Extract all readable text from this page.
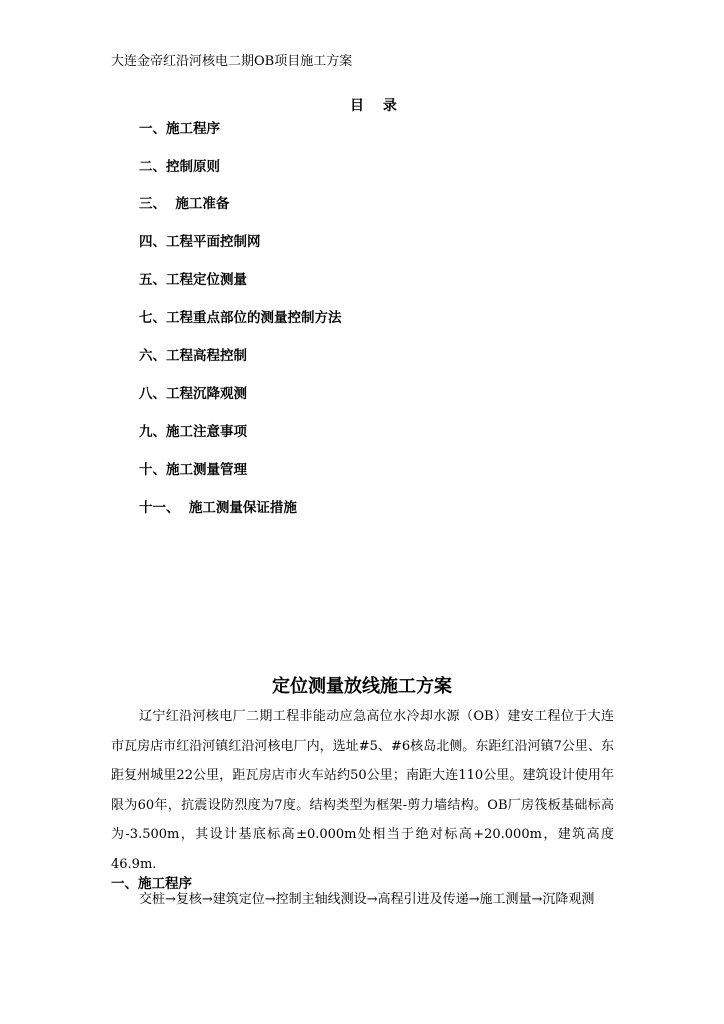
大连金帝红沿河核电二期OB项目施工方案
目　 录
一、施工程序
二、控制原则
三、  施工准备
四、工程平面控制网
五、工程定位测量
七、工程重点部位的测量控制方法
六、工程高程控制
八、工程沉降观测
九、施工注意事项
十、施工测量管理
十一、  施工测量保证措施
定位测量放线施工方案
辽宁红沿河核电厂二期工程非能动应急高位水冷却水源（OB）建安工程位于大连市瓦房店市红沿河镇红沿河核电厂内，选址#5、#6核岛北侧。东距红沿河镇7公里、东距复州城里22公里，距瓦房店市火车站约50公里；南距大连110公里。建筑设计使用年限为60年，抗震设防烈度为7度。结构类型为框架-剪力墙结构。OB厂房筏板基础标高为-3.500m，其设计基底标高±0.000m处相当于绝对标高+20.000m，建筑高度46.9m.
一、施工程序
交桩→复核→建筑定位→控制主轴线测设→高程引进及传递→施工测量→沉降观测
